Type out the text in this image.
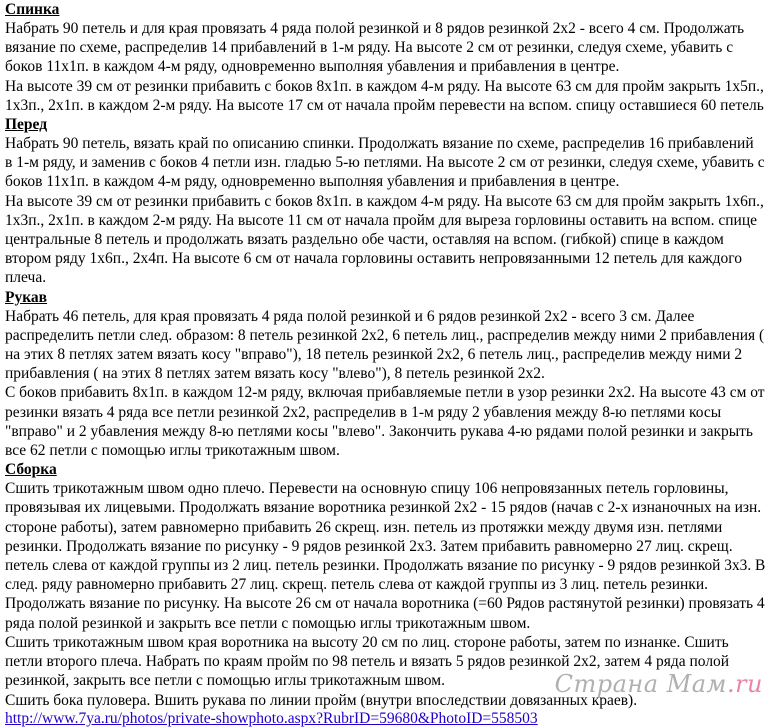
Спинка
Набрать 90 петель и для края провязать 4 ряда полой резинкой и 8 рядов резинкой 2х2 - всего 4 см. Продолжать
вязание по схеме, распределив 14 прибавлений в 1-м ряду. На высоте 2 см от резинки, следуя схеме, убавить с
боков 11х1п. в каждом 4-м ряду, одновременно выполняя убавления и прибавления в центре.
На высоте 39 см от резинки прибавить с боков 8х1п. в каждом 4-м ряду. На высоте 63 см для пройм закрыть 1х5п.,
1х3п., 2х1п. в каждом 2-м ряду. На высоте 17 см от начала пройм перевести на вспом. спицу оставшиеся 60 петель
Перед
Набрать 90 петель, вязать край по описанию спинки. Продолжать вязание по схеме, распределив 16 прибавлений
в 1-м ряду, и заменив с боков 4 петли изн. гладью 5-ю петлями. На высоте 2 см от резинки, следуя схеме, убавить с
боков 11х1п. в каждом 4-м ряду, одновременно выполняя убавления и прибавления в центре.
На высоте 39 см от резинки прибавить с боков 8х1п. в каждом 4-м ряду. На высоте 63 см для пройм закрыть 1х6п.,
1х3п., 2х1п. в каждом 2-м ряду. На высоте 11 см от начала пройм для выреза горловины оставить на вспом. спице
центральные 8 петель и продолжать вязать раздельно обе части, оставляя на вспом. (гибкой) спице в каждом
втором ряду 1х6п., 2х4п. На высоте 6 см от начала горловины оставить непровязанными 12 петель для каждого
плеча.
Рукав
Набрать 46 петель, для края провязать 4 ряда полой резинкой и 6 рядов резинкой 2х2 - всего 3 см. Далее
распределить петли след. образом: 8 петель резинкой 2х2, 6 петель лиц., распределив между ними 2 прибавления (
на этих 8 петлях затем вязать косу "вправо"), 18 петель резинкой 2х2, 6 петель лиц., распределив между ними 2
прибавления ( на этих 8 петлях затем вязать косу "влево"), 8 петель резинкой 2х2.
С боков прибавить 8х1п. в каждом 12-м ряду, включая прибавляемые петли в узор резинки 2х2. На высоте 43 см от
резинки вязать 4 ряда все петли резинкой 2х2, распределив в 1-м ряду 2 убавления между 8-ю петлями косы
"вправо" и 2 убавления между 8-ю петлями косы "влево". Закончить рукава 4-ю рядами полой резинки и закрыть
все 62 петли с помощью иглы трикотажным швом.
Сборка
Сшить трикотажным швом одно плечо. Перевести на основную спицу 106 непровязанных петель горловины,
провязывая их лицевыми. Продолжать вязание воротника резинкой 2х2 - 15 рядов (начав с 2-х изнаночных на изн.
стороне работы), затем равномерно прибавить 26 скрещ. изн. петель из протяжки между двумя изн. петлями
резинки. Продолжать вязание по рисунку - 9 рядов резинкой 2х3. Затем прибавить равномерно 27 лиц. скрещ.
петель слева от каждой группы из 2 лиц. петель резинки. Продолжать вязание по рисунку - 9 рядов резинкой 3х3. В
след. ряду равномерно прибавить 27 лиц. скрещ. петель слева от каждой группы из 3 лиц. петель резинки.
Продолжать вязание по рисунку. На высоте 26 см от начала воротника (=60 Рядов растянутой резинки) провязать 4
ряда полой резинкой и закрыть все петли с помощью иглы трикотажным швом.
Сшить трикотажным швом края воротника на высоту 20 см по лиц. стороне работы, затем по изнанке. Сшить
петли второго плеча. Набрать по краям пройм по 98 петель и вязать 5 рядов резинкой 2х2, затем 4 ряда полой
резинкой, закрыть все петли с помощью иглы трикотажным швом.
Сшить бока пуловера. Вшить рукава по линии пройм (внутри впоследствии довязанных краев).
http://www.7ya.ru/photos/private-showphoto.aspx?RubrID=59680&PhotoID=558503
Страна Мам.ru
